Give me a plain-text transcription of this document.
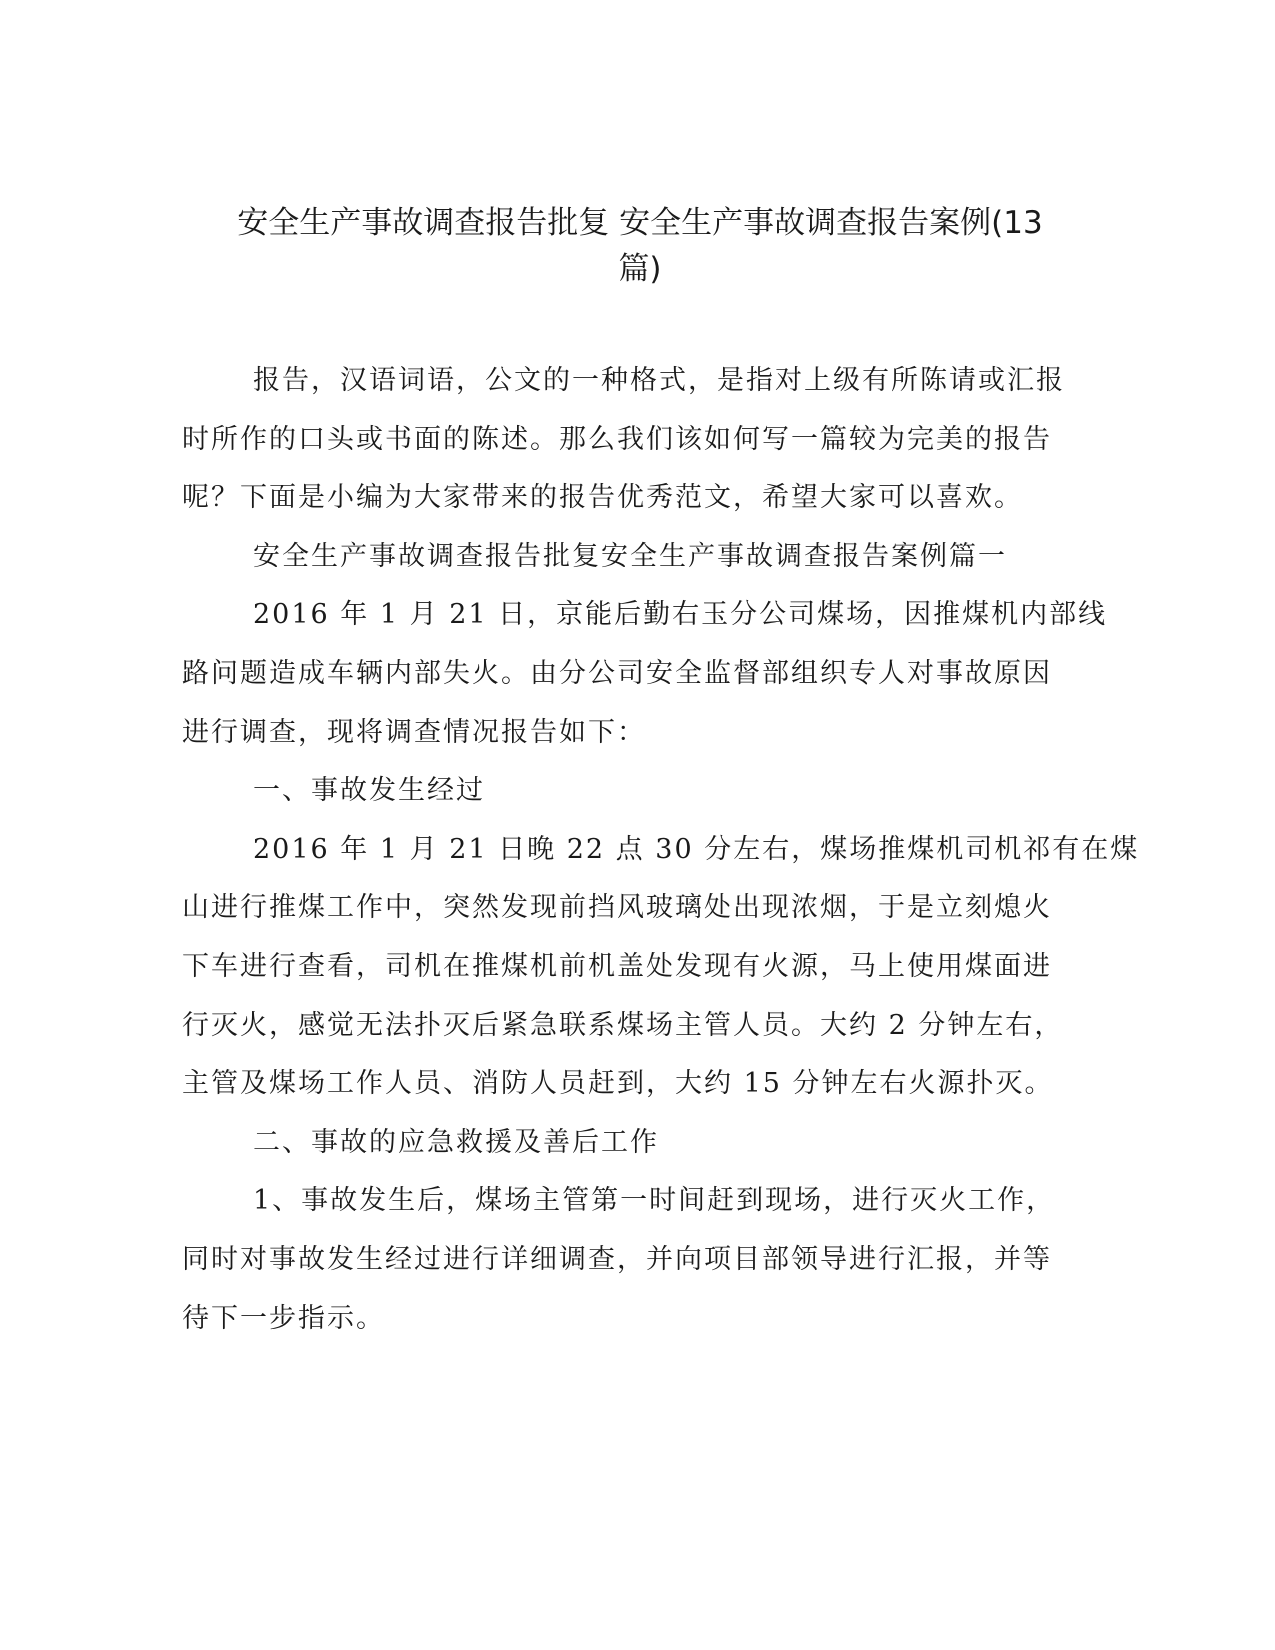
安全生产事故调查报告批复 安全生产事故调查报告案例(13
篇)
报告，汉语词语，公文的一种格式，是指对上级有所陈请或汇报
时所作的口头或书面的陈述。那么我们该如何写一篇较为完美的报告
呢？下面是小编为大家带来的报告优秀范文，希望大家可以喜欢。
安全生产事故调查报告批复安全生产事故调查报告案例篇一
2016 年 1 月 21 日，京能后勤右玉分公司煤场，因推煤机内部线
路问题造成车辆内部失火。由分公司安全监督部组织专人对事故原因
进行调查，现将调查情况报告如下：
一、事故发生经过
2016 年 1 月 21 日晚 22 点 30 分左右，煤场推煤机司机祁有在煤
山进行推煤工作中，突然发现前挡风玻璃处出现浓烟，于是立刻熄火
下车进行查看，司机在推煤机前机盖处发现有火源，马上使用煤面进
行灭火，感觉无法扑灭后紧急联系煤场主管人员。大约 2 分钟左右，
主管及煤场工作人员、消防人员赶到，大约 15 分钟左右火源扑灭。
二、事故的应急救援及善后工作
1、事故发生后，煤场主管第一时间赶到现场，进行灭火工作，
同时对事故发生经过进行详细调查，并向项目部领导进行汇报，并等
待下一步指示。
